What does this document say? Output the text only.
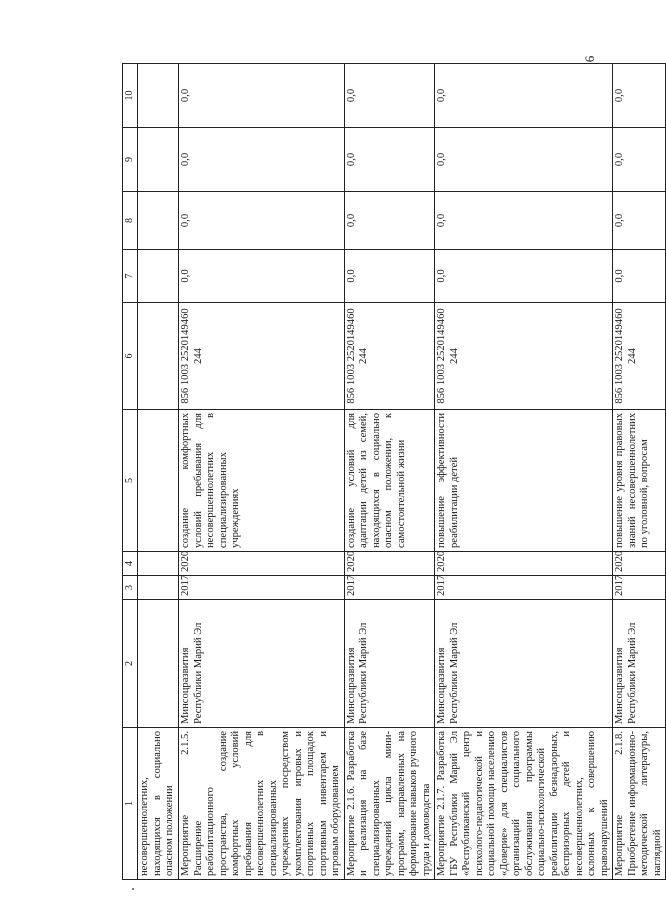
6
1	2	3	4	5	6	7	8	9	10
несовершеннолетних, находящихся в социально опасном положении									
Мероприятие 2.1.5. Расширение реабилитационного пространства, создание комфортных условий пребывания для несовершеннолетних в специализированных учреждениях посредством укомплектования игровых и спортивных площадок спортивным инвентарем и игровым оборудованием	Минсоцразвития Республики Марий Эл	2017	2020	создание комфортных условий пребывания для несовершеннолетних в специализированных учреждениях	856 1003 2520149460 244	0,0	0,0	0,0	0,0
Мероприятие 2.1.6. Разработка и реализация на базе специализированных учреждений цикла мини-программ, направленных на формирование навыков ручного труда и домоводства	Минсоцразвития Республики Марий Эл	2017	2020	создание условий для адаптации детей из семей, находящихся в социально опасном положении, к самостоятельной жизни	856 1003 2520149460 244	0,0	0,0	0,0	0,0
Мероприятие 2.1.7. Разработка ГБУ Республики Марий Эл «Республиканский центр психолого-педагогической и социальной помощи населению «Доверие» для специалистов организаций социального обслуживания программы социально-психологической реабилитации безнадзорных, беспризорных детей и несовершеннолетних, склонных к совершению правонарушений	Минсоцразвития Республики Марий Эл	2017	2020	повышение эффективности реабилитации детей	856 1003 2520149460 244	0,0	0,0	0,0	0,0
Мероприятие 2.1.8. Приобретение информационно-методической литературы, наглядной	Минсоцразвития Республики Марий Эл	2017	2020	повышение уровня правовых знаний несовершеннолетних по уголовной, вопросам	856 1003 2520149460 244	0,0	0,0	0,0	0,0
